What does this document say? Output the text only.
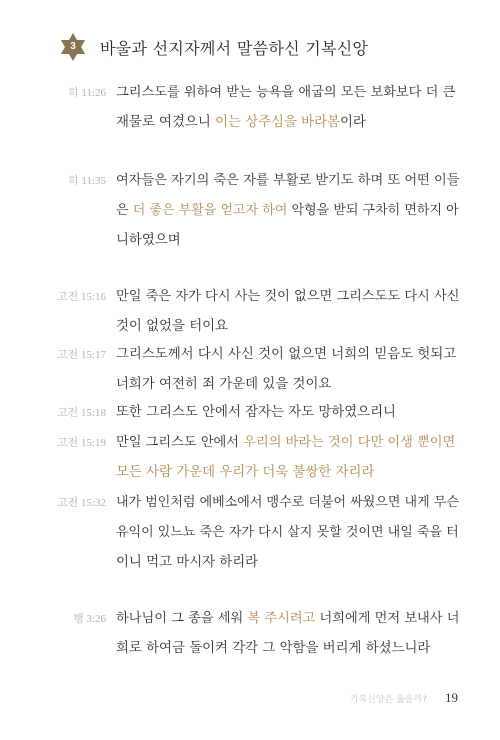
3	바울과 선지자께서 말씀하신 기복신앙
히 11:26 그리스도를 위하여 받는 능욕을 애굽의 모든 보화보다 더 큰
재물로 여겼으니 이는 상주심을 바라봄이라
히 11:35 여자들은 자기의 죽은 자를 부활로 받기도 하며 또 어떤 이들
은 더 좋은 부활을 얻고자 하여 악형을 받되 구차히 면하지 아
니하였으며
고전 15:16 만일 죽은 자가 다시 사는 것이 없으면 그리스도도 다시 사신
것이 없었을 터이요
고전 15:17 그리스도께서 다시 사신 것이 없으면 너희의 믿음도 헛되고
너희가 여전히 죄 가운데 있을 것이요
고전 15:18 또한 그리스도 안에서 잠자는 자도 망하였으리니
고전 15:19 만일 그리스도 안에서 우리의 바라는 것이 다만 이생 뿐이면
모든 사람 가운데 우리가 더욱 불쌍한 자리라
고전 15:32 내가 범인처럼 에베소에서 맹수로 더불어 싸웠으면 내게 무슨
유익이 있느뇨 죽은 자가 다시 살지 못할 것이면 내일 죽을 터
이니 먹고 마시자 하리라
행 3:26 하나님이 그 종을 세워 복 주시려고 너희에게 먼저 보내사 너
희로 하여금 돌이켜 각각 그 악함을 버리게 하셨느니라
기복신앙은 옳을까? 19
